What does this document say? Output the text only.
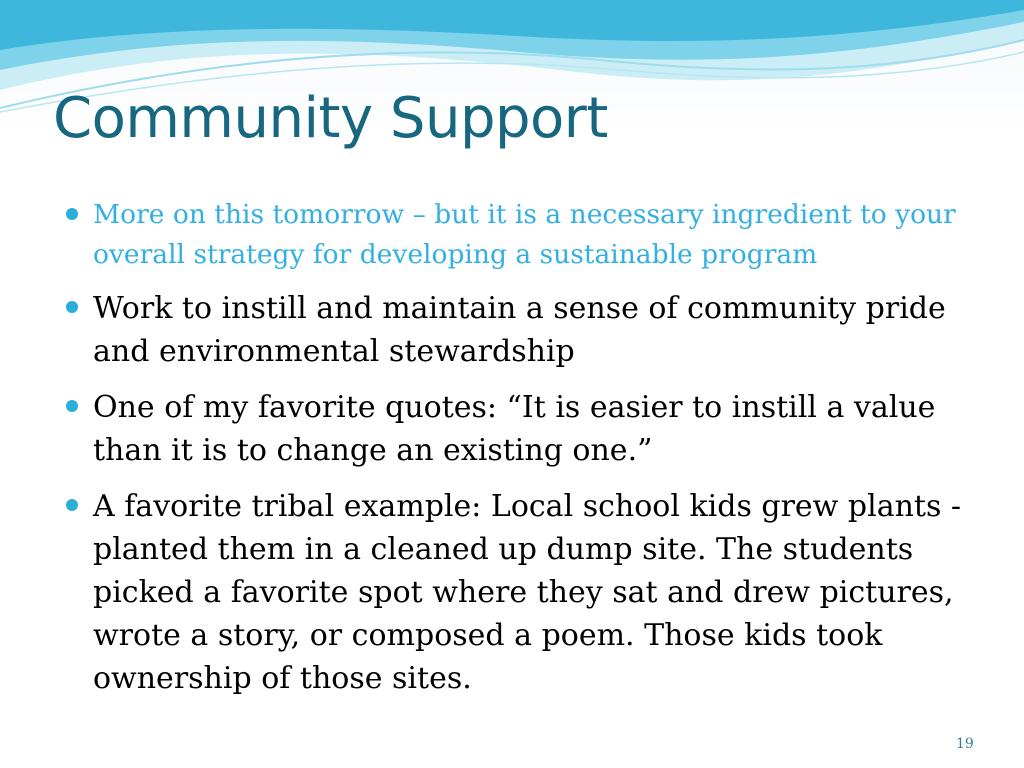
Community Support
More on this tomorrow – but it is a necessary ingredient to your overall strategy for developing a sustainable program
Work to instill and maintain a sense of community pride and environmental stewardship
One of my favorite quotes: “It is easier to instill a value than it is to change an existing one.”
A favorite tribal example: Local school kids grew plants - planted them in a cleaned up dump site. The students picked a favorite spot where they sat and drew pictures, wrote a story, or composed a poem. Those kids took ownership of those sites.
19
